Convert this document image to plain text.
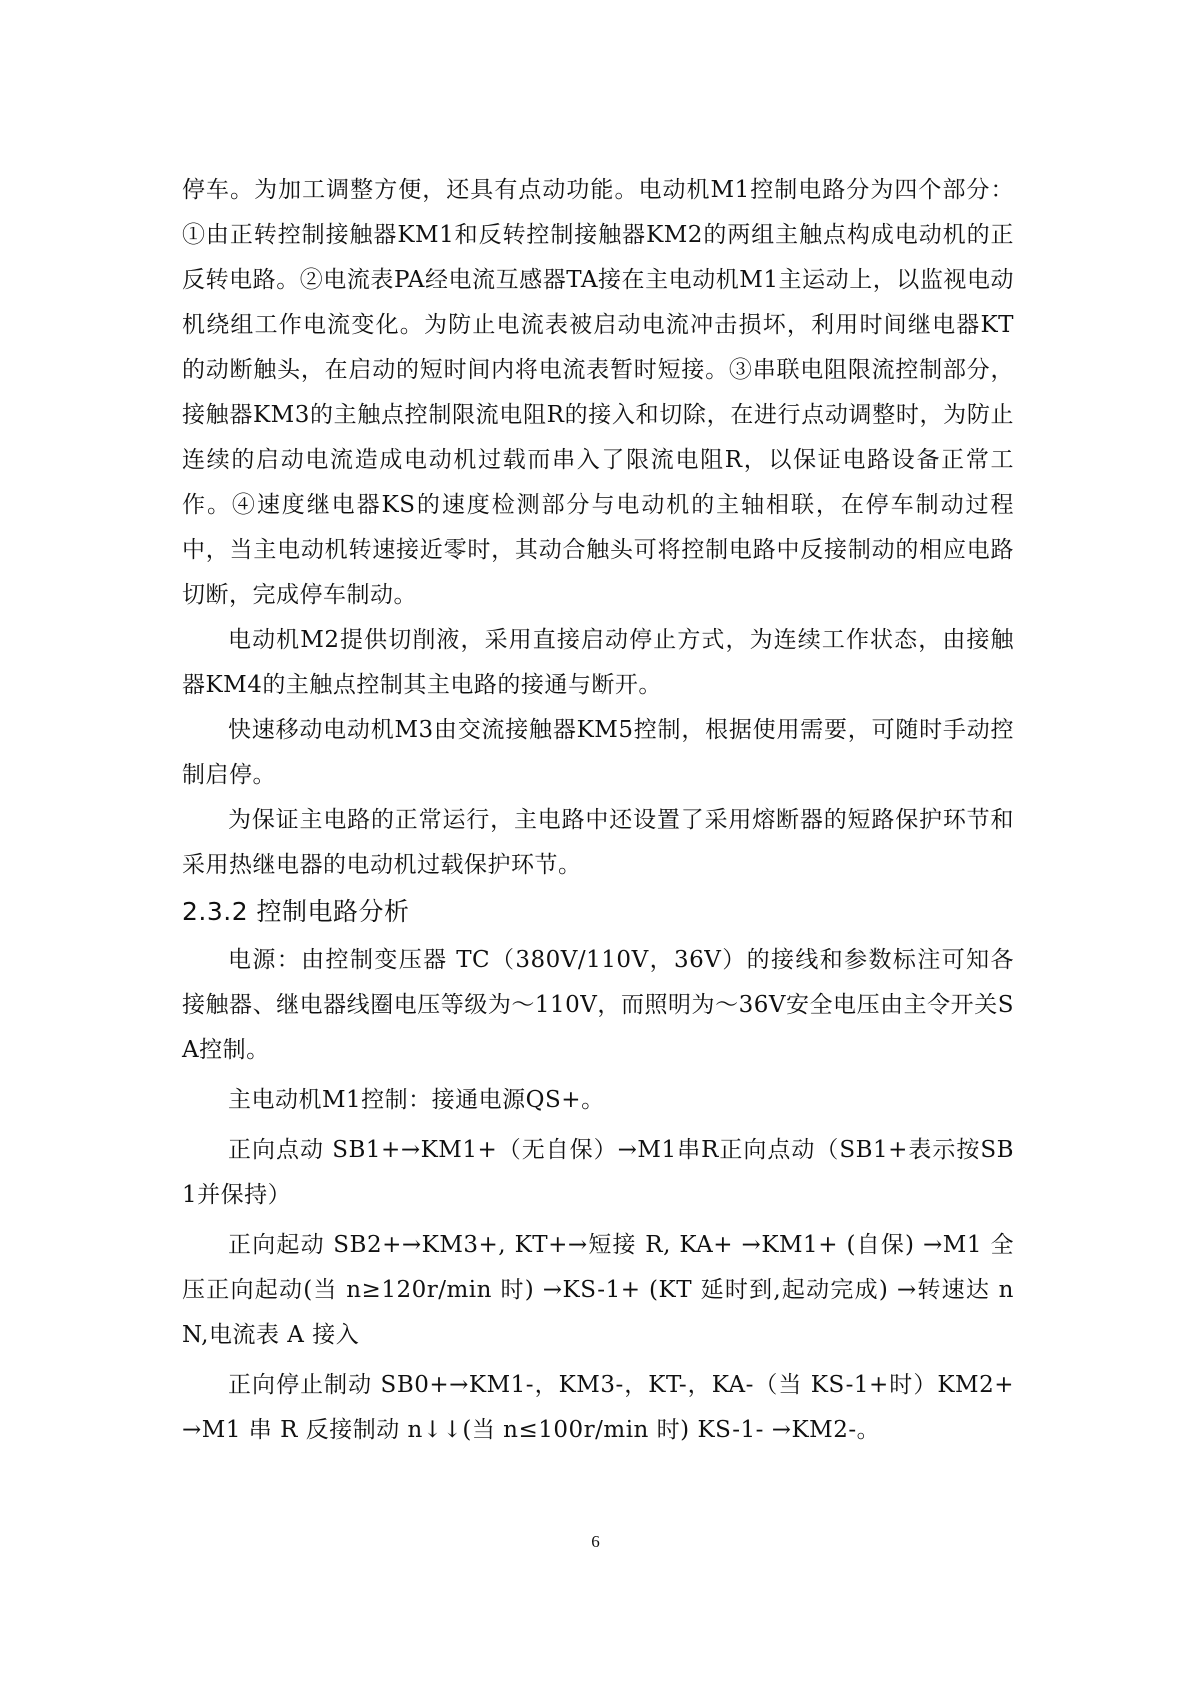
停车。为加工调整方便，还具有点动功能。电动机M1控制电路分为四个部分：①由正转控制接触器KM1和反转控制接触器KM2的两组主触点构成电动机的正反转电路。②电流表PA经电流互感器TA接在主电动机M1主运动上，以监视电动机绕组工作电流变化。为防止电流表被启动电流冲击损坏，利用时间继电器KT的动断触头，在启动的短时间内将电流表暂时短接。③串联电阻限流控制部分，接触器KM3的主触点控制限流电阻R的接入和切除，在进行点动调整时，为防止连续的启动电流造成电动机过载而串入了限流电阻R，以保证电路设备正常工作。④速度继电器KS的速度检测部分与电动机的主轴相联，在停车制动过程中，当主电动机转速接近零时，其动合触头可将控制电路中反接制动的相应电路切断，完成停车制动。

电动机M2提供切削液，采用直接启动停止方式，为连续工作状态，由接触器KM4的主触点控制其主电路的接通与断开。

快速移动电动机M3由交流接触器KM5控制，根据使用需要，可随时手动控制启停。

为保证主电路的正常运行，主电路中还设置了采用熔断器的短路保护环节和采用热继电器的电动机过载保护环节。

2.3.2 控制电路分析

电源：由控制变压器 TC（380V/110V，36V）的接线和参数标注可知各接触器、继电器线圈电压等级为～110V，而照明为～36V安全电压由主令开关SA控制。

主电动机M1控制：接通电源QS+。

正向点动 SB1+→KM1+（无自保）→M1串R正向点动（SB1+表示按SB1并保持）

正向起动 SB2+→KM3+, KT+→短接 R, KA+ →KM1+ (自保) →M1 全压正向起动(当 n≥120r/min 时) →KS-1+ (KT 延时到,起动完成) →转速达 nN,电流表 A 接入

正向停止制动 SB0+→KM1-，KM3-，KT-，KA-（当 KS-1+时）KM2+→M1 串 R 反接制动 n↓↓(当 n≤100r/min 时) KS-1- →KM2-。

6
